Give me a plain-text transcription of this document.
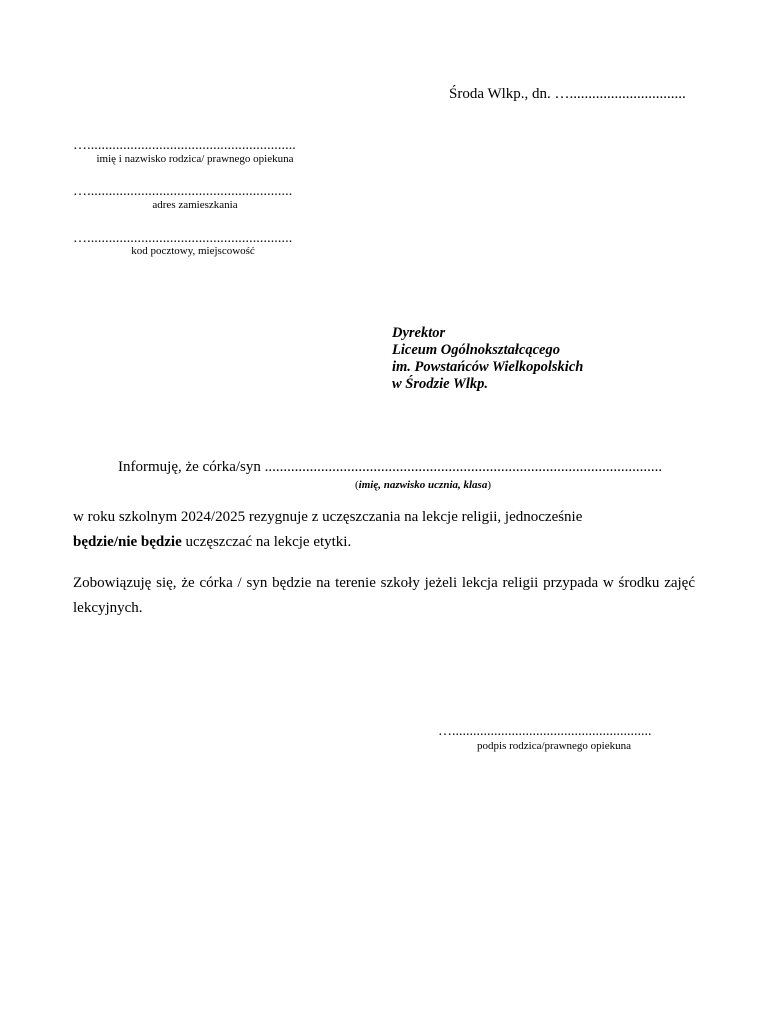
Środa Wlkp., dn. …...............................
…..........................................................
imię i nazwisko rodzica/ prawnego opiekuna
….........................................................
adres zamieszkania
….........................................................
kod pocztowy, miejscowość
Dyrektor
Liceum Ogólnokształcącego
im. Powstańców Wielkopolskich
w Środzie Wlkp.
Informuję, że córka/syn ..........................................................................................................
(imię, nazwisko ucznia, klasa)
w roku szkolnym 2024/2025 rezygnuje z uczęszczania na lekcje religii, jednocześnie
będzie/nie będzie uczęszczać na lekcje etytki.
Zobowiązuję się, że córka / syn będzie na terenie szkoły jeżeli lekcja religii przypada w środku zajęć lekcyjnych.
….........................................................
podpis rodzica/prawnego opiekuna
